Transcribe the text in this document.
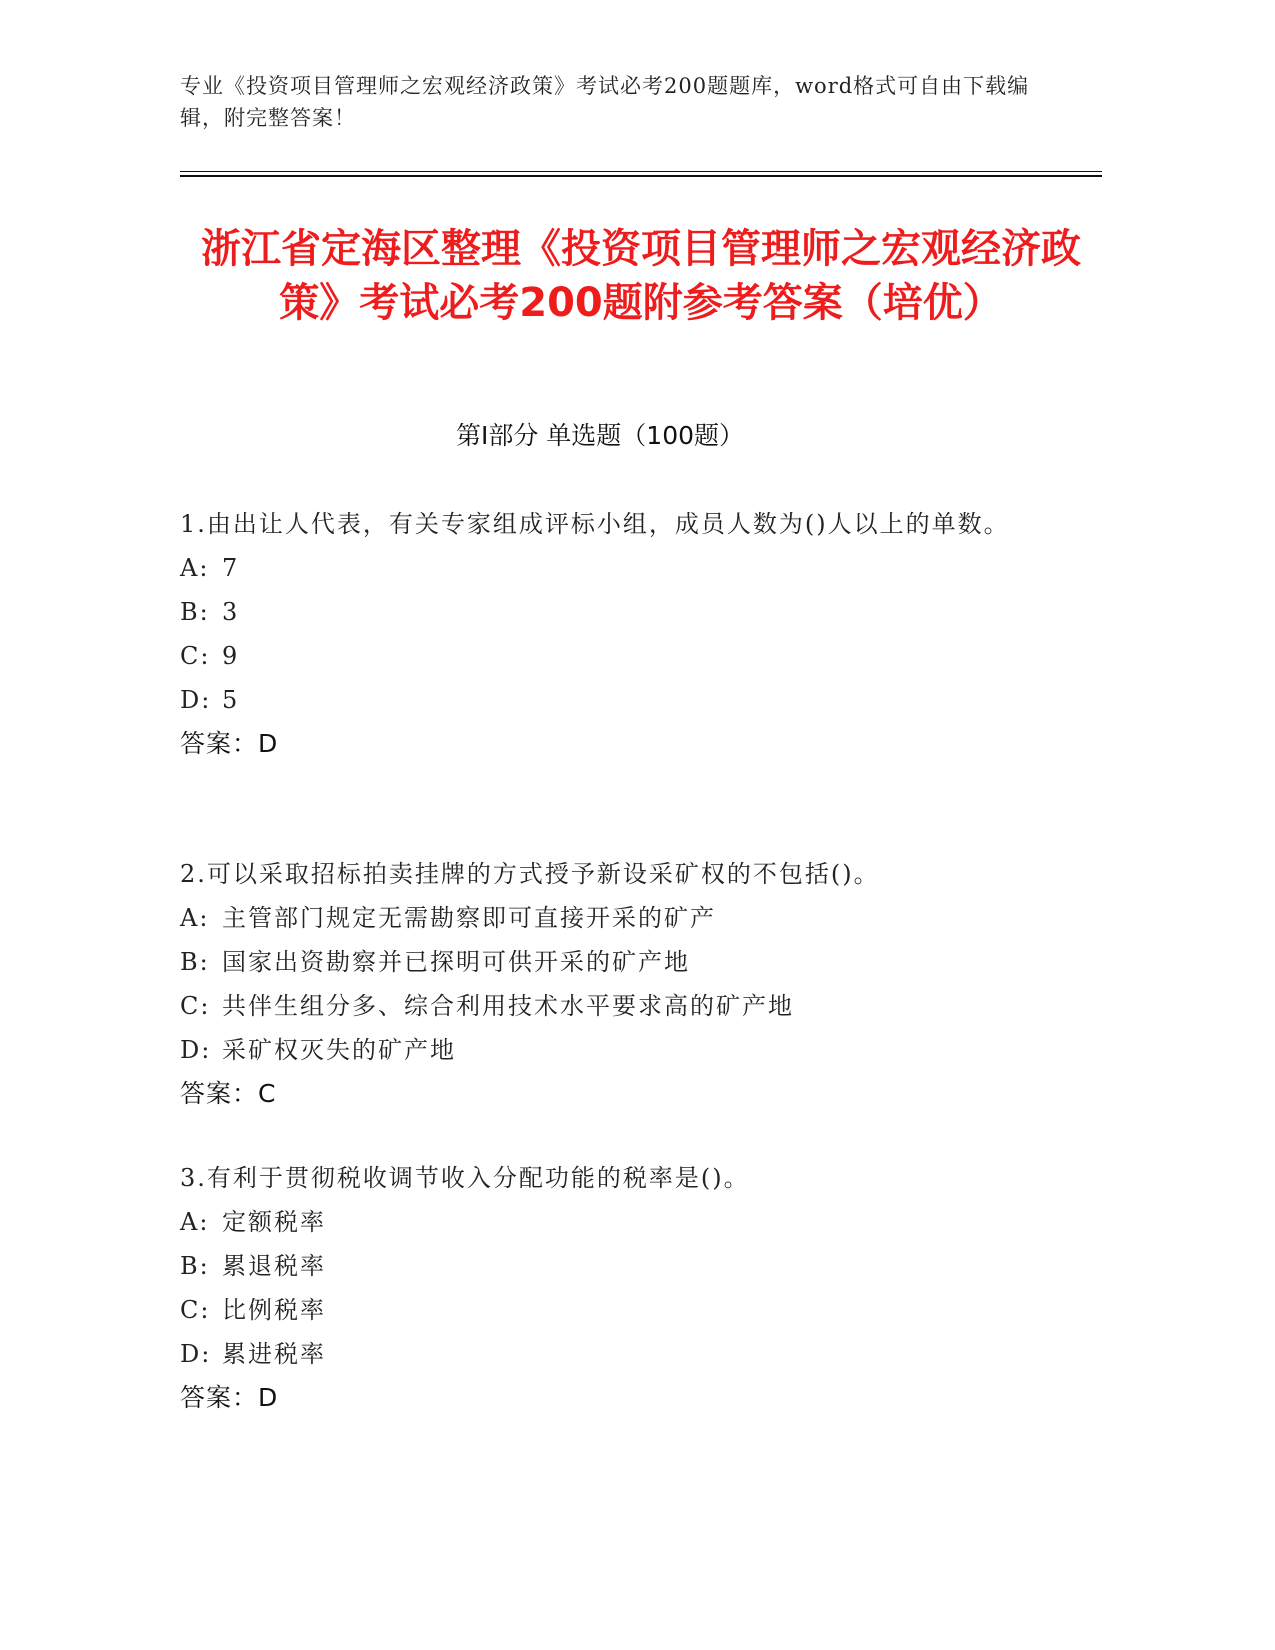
专业《投资项目管理师之宏观经济政策》考试必考200题题库，word格式可自由下载编辑，附完整答案！
浙江省定海区整理《投资项目管理师之宏观经济政策》考试必考200题附参考答案（培优）
第Ⅰ部分 单选题（100题）

1.由出让人代表，有关专家组成评标小组，成员人数为()人以上的单数。

A: 7

B: 3

C: 9

D: 5

答案：D

2.可以采取招标拍卖挂牌的方式授予新设采矿权的不包括()。

A: 主管部门规定无需勘察即可直接开采的矿产

B: 国家出资勘察并已探明可供开采的矿产地

C: 共伴生组分多、综合利用技术水平要求高的矿产地

D: 采矿权灭失的矿产地

答案：C

3.有利于贯彻税收调节收入分配功能的税率是()。

A: 定额税率

B: 累退税率

C: 比例税率

D: 累进税率

答案：D
